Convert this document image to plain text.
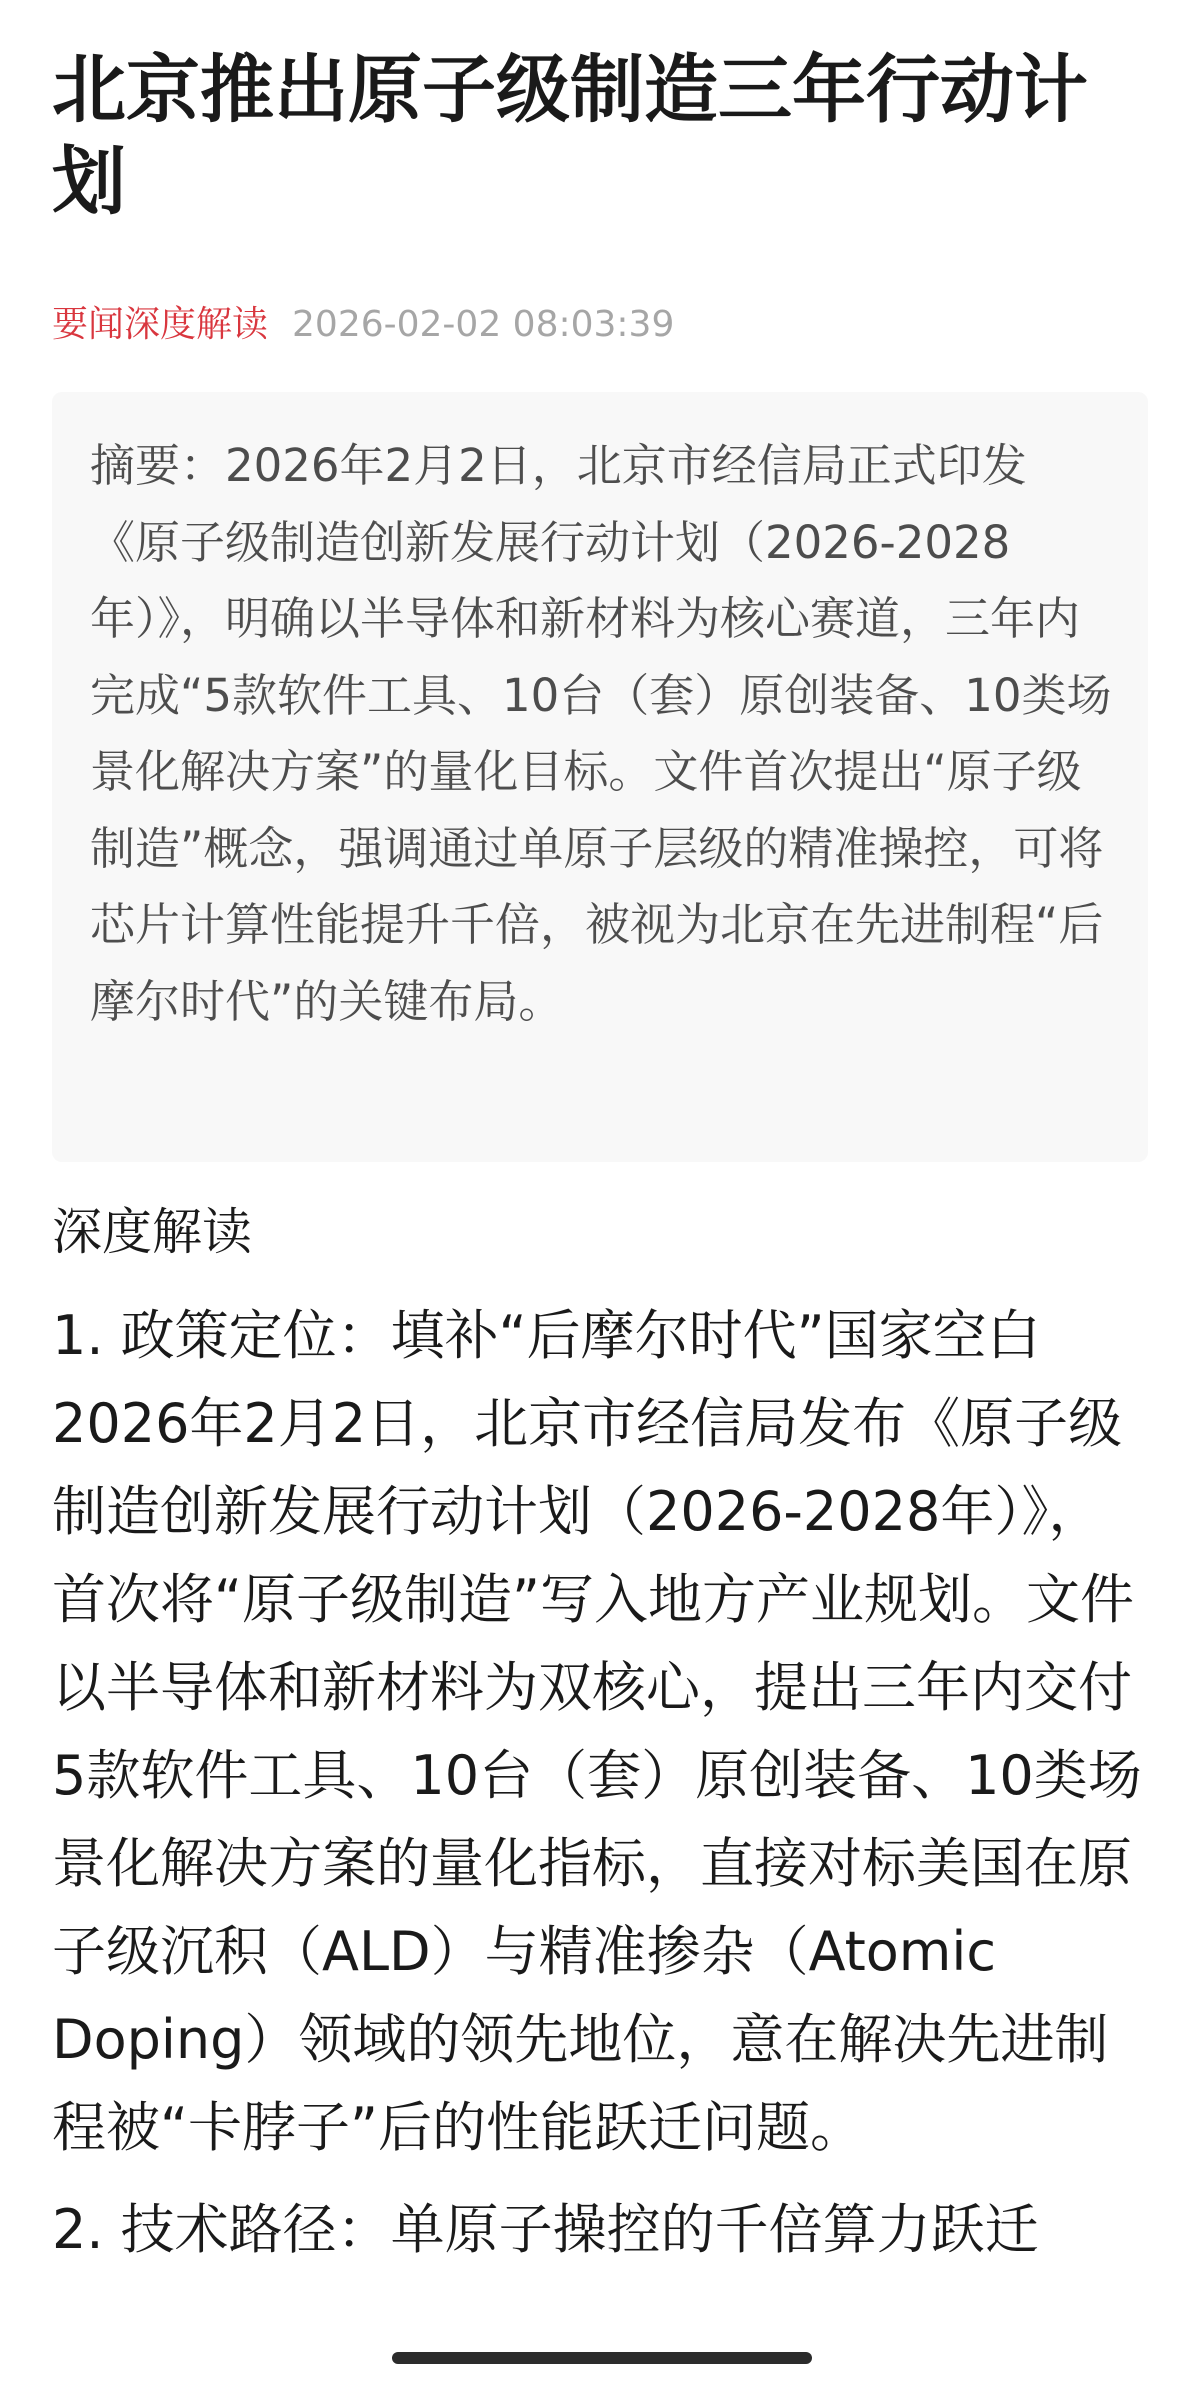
北京推出原子级制造三年行动计划
要闻深度解读 2026-02-02 08:03:39

摘要：2026年2月2日，北京市经信局正式印发《原子级制造创新发展行动计划（2026-2028年）》，明确以半导体和新材料为核心赛道，三年内完成“5款软件工具、10台（套）原创装备、10类场景化解决方案”的量化目标。文件首次提出“原子级制造”概念，强调通过单原子层级的精准操控，可将芯片计算性能提升千倍，被视为北京在先进制程“后摩尔时代”的关键布局。

深度解读
1. 政策定位：填补“后摩尔时代”国家空白

2026年2月2日，北京市经信局发布《原子级制造创新发展行动计划（2026-2028年）》，首次将“原子级制造”写入地方产业规划。文件以半导体和新材料为双核心，提出三年内交付5款软件工具、10台（套）原创装备、10类场景化解决方案的量化指标，直接对标美国在原子级沉积（ALD）与精准掺杂（Atomic Doping）领域的领先地位，意在解决先进制程被“卡脖子”后的性能跃迁问题。

2. 技术路径：单原子操控的千倍算力跃迁
